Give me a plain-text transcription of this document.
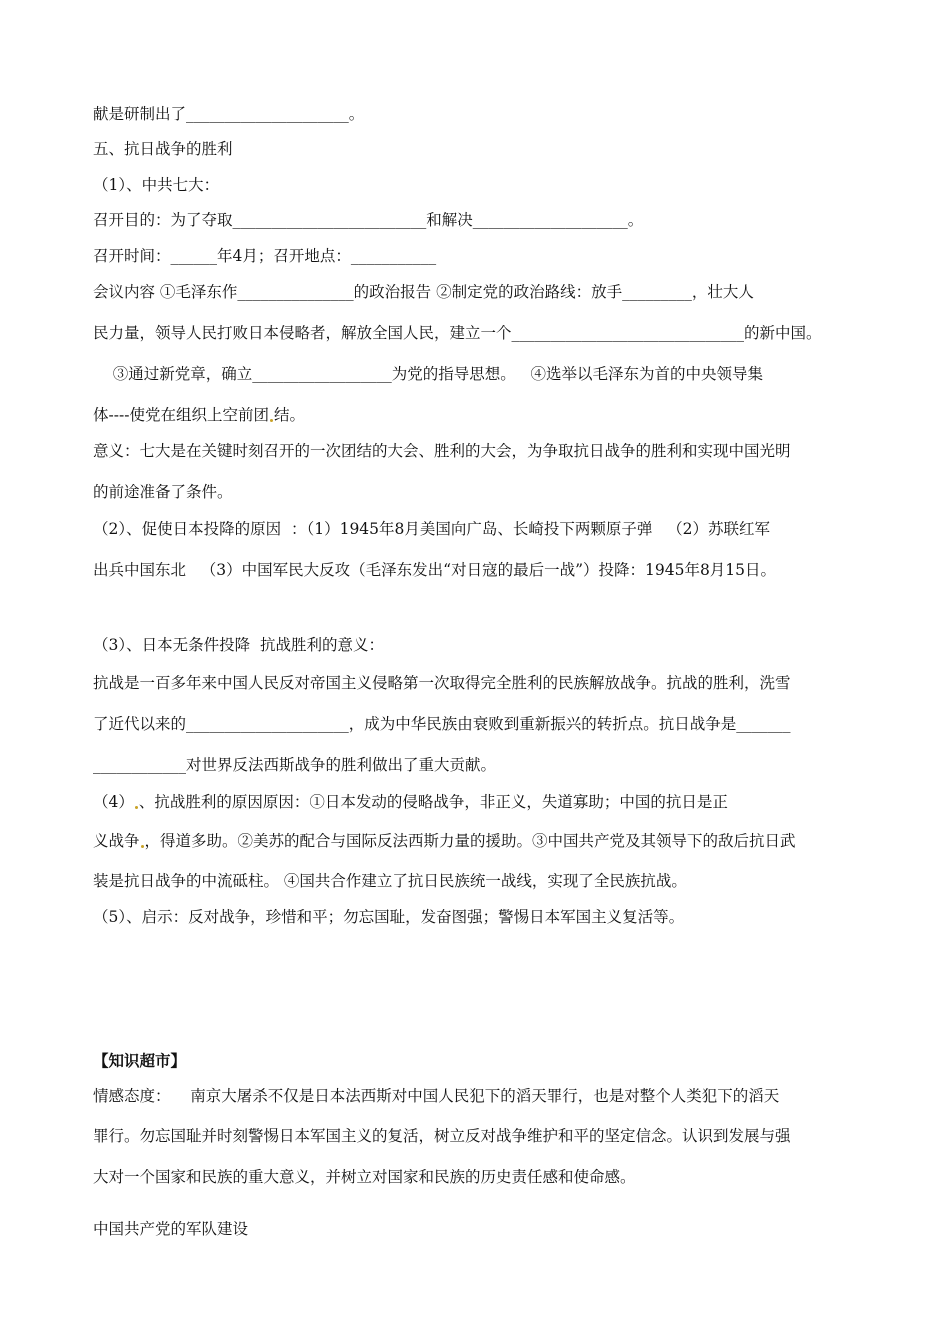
献是研制出了_____________________。
五、抗日战争的胜利
（1）、中共七大：
召开目的：为了夺取_________________________和解决____________________。
召开时间：______年4月；召开地点：___________
会议内容 ①毛泽东作_______________的政治报告 ②制定党的政治路线：放手_________，壮大人
民力量，领导人民打败日本侵略者，解放全国人民，建立一个______________________________的新中国。
③通过新党章，确立__________________为党的指导思想。   ④选举以毛泽东为首的中央领导集
体----使党在组织上空前团 结。
意义：七大是在关键时刻召开的一次团结的大会、胜利的大会，为争取抗日战争的胜利和实现中国光明
的前途准备了条件。
（2）、促使日本投降的原因  ：（1）1945年8月美国向广岛、长崎投下两颗原子弹   （2）苏联红军
出兵中国东北   （3）中国军民大反攻（毛泽东发出“对日寇的最后一战”）投降：1945年8月15日。
（3）、日本无条件投降  抗战胜利的意义：
抗战是一百多年来中国人民反对帝国主义侵略第一次取得完全胜利的民族解放战争。抗战的胜利，洗雪
了近代以来的_____________________，成为中华民族由衰败到重新振兴的转折点。抗日战争是_______
____________对世界反法西斯战争的胜利做出了重大贡献。
（4） 、抗战胜利的原因原因：①日本发动的侵略战争，非正义，失道寡助；中国的抗日是正
义战争 ，得道多助。②美苏的配合与国际反法西斯力量的援助。③中国共产党及其领导下的敌后抗日武
装是抗日战争的中流砥柱。 ④国共合作建立了抗日民族统一战线，实现了全民族抗战。
（5）、启示：反对战争，珍惜和平；勿忘国耻，发奋图强；警惕日本军国主义复活等。
【知识超市】
情感态度：    南京大屠杀不仅是日本法西斯对中国人民犯下的滔天罪行，也是对整个人类犯下的滔天
罪行。勿忘国耻并时刻警惕日本军国主义的复活，树立反对战争维护和平的坚定信念。认识到发展与强
大对一个国家和民族的重大意义，并树立对国家和民族的历史责任感和使命感。
中国共产党的军队建设
